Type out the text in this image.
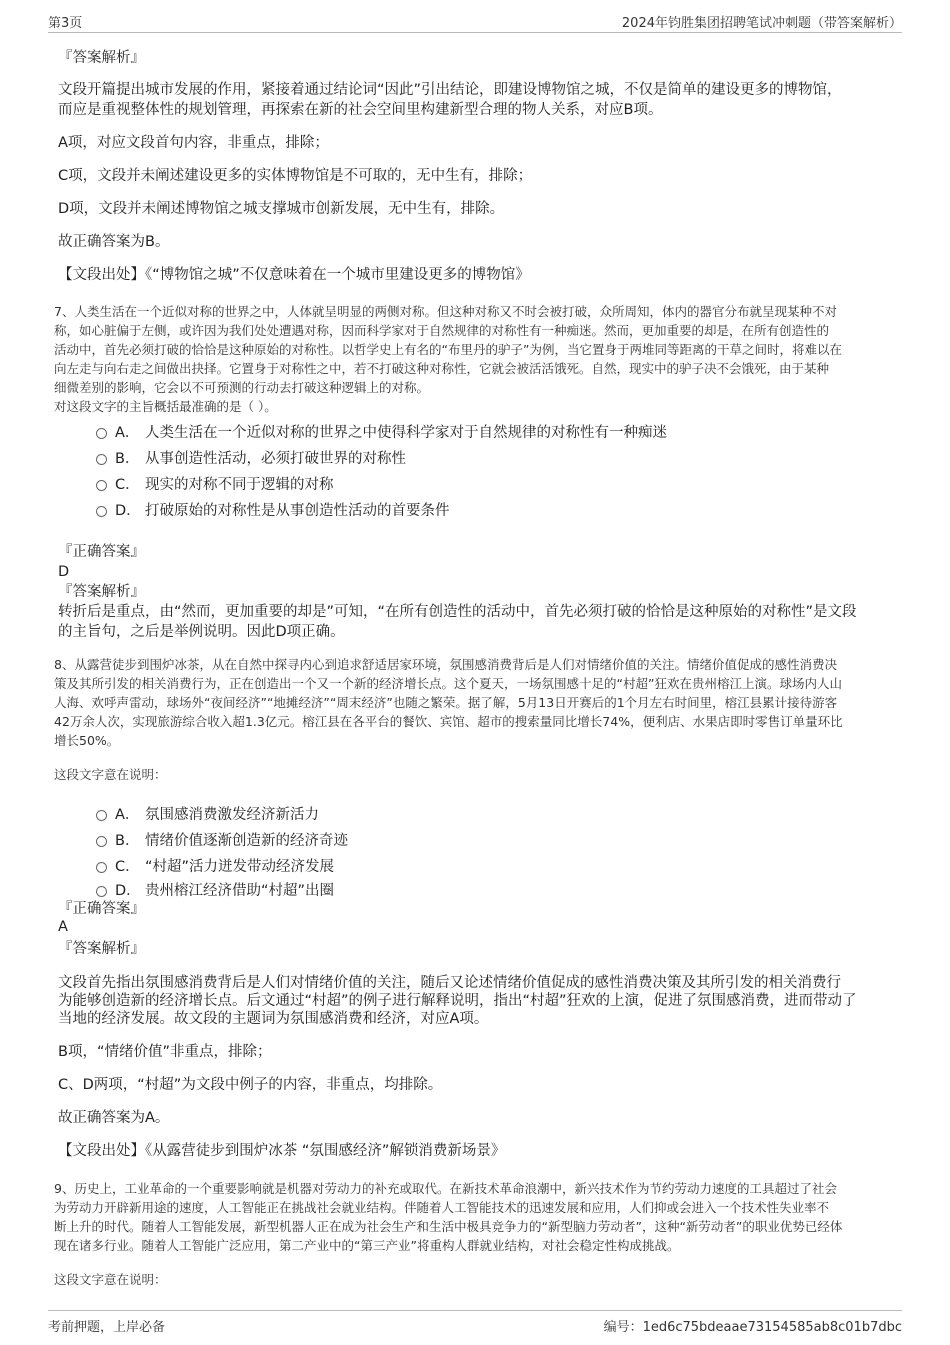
第3页	2024年钧胜集团招聘笔试冲刺题（带答案解析）
『答案解析』
文段开篇提出城市发展的作用，紧接着通过结论词“因此”引出结论，即建设博物馆之城，不仅是简单的建设更多的博物馆，
而应是重视整体性的规划管理，再探索在新的社会空间里构建新型合理的物人关系，对应B项。
A项，对应文段首句内容，非重点，排除；
C项，文段并未阐述建设更多的实体博物馆是不可取的，无中生有，排除；
D项，文段并未阐述博物馆之城支撑城市创新发展，无中生有，排除。
故正确答案为B。
【文段出处】《“博物馆之城”不仅意味着在一个城市里建设更多的博物馆》
7、人类生活在一个近似对称的世界之中，人体就呈明显的两侧对称。但这种对称又不时会被打破，众所周知，体内的器官分布就呈现某种不对
称，如心脏偏于左侧，或许因为我们处处遭遇对称，因而科学家对于自然规律的对称性有一种痴迷。然而，更加重要的却是，在所有创造性的
活动中，首先必须打破的恰恰是这种原始的对称性。以哲学史上有名的“布里丹的驴子”为例，当它置身于两堆同等距离的干草之间时，将难以在
向左走与向右走之间做出抉择。它置身于对称性之中，若不打破这种对称性，它就会被活活饿死。自然，现实中的驴子决不会饿死，由于某种
细微差别的影响，它会以不可预测的行动去打破这种逻辑上的对称。
对这段文字的主旨概括最准确的是（ ）。
A． 人类生活在一个近似对称的世界之中使得科学家对于自然规律的对称性有一种痴迷
B． 从事创造性活动，必须打破世界的对称性
C． 现实的对称不同于逻辑的对称
D． 打破原始的对称性是从事创造性活动的首要条件
『正确答案』
D
『答案解析』
转折后是重点，由“然而，更加重要的却是”可知，“在所有创造性的活动中，首先必须打破的恰恰是这种原始的对称性”是文段
的主旨句，之后是举例说明。因此D项正确。
8、从露营徒步到围炉冰茶，从在自然中探寻内心到追求舒适居家环境，氛围感消费背后是人们对情绪价值的关注。情绪价值促成的感性消费决
策及其所引发的相关消费行为，正在创造出一个又一个新的经济增长点。这个夏天，一场氛围感十足的“村超”狂欢在贵州榕江上演。球场内人山
人海、欢呼声雷动，球场外“夜间经济”“地摊经济”“周末经济”也随之繁荣。据了解，5月13日开赛后的1个月左右时间里，榕江县累计接待游客
42万余人次，实现旅游综合收入超1.3亿元。榕江县在各平台的餐饮、宾馆、超市的搜索量同比增长74%，便利店、水果店即时零售订单量环比
增长50%。
这段文字意在说明：
A． 氛围感消费激发经济新活力
B． 情绪价值逐渐创造新的经济奇迹
C． “村超”活力迸发带动经济发展
D． 贵州榕江经济借助“村超”出圈
『正确答案』
A
『答案解析』
文段首先指出氛围感消费背后是人们对情绪价值的关注，随后又论述情绪价值促成的感性消费决策及其所引发的相关消费行
为能够创造新的经济增长点。后文通过“村超”的例子进行解释说明，指出“村超”狂欢的上演，促进了氛围感消费，进而带动了
当地的经济发展。故文段的主题词为氛围感消费和经济，对应A项。
B项，“情绪价值”非重点，排除；
C、D两项，“村超”为文段中例子的内容，非重点，均排除。
故正确答案为A。
【文段出处】《从露营徒步到围炉冰茶 “氛围感经济”解锁消费新场景》
9、历史上，工业革命的一个重要影响就是机器对劳动力的补充或取代。在新技术革命浪潮中，新兴技术作为节约劳动力速度的工具超过了社会
为劳动力开辟新用途的速度，人工智能正在挑战社会就业结构。伴随着人工智能技术的迅速发展和应用，人们抑或会进入一个技术性失业率不
断上升的时代。随着人工智能发展，新型机器人正在成为社会生产和生活中极具竞争力的“新型脑力劳动者”，这种“新劳动者”的职业优势已经体
现在诸多行业。随着人工智能广泛应用，第二产业中的“第三产业”将重构人群就业结构，对社会稳定性构成挑战。
这段文字意在说明：
考前押题，上岸必备	编号：1ed6c75bdeaae73154585ab8c01b7dbc
